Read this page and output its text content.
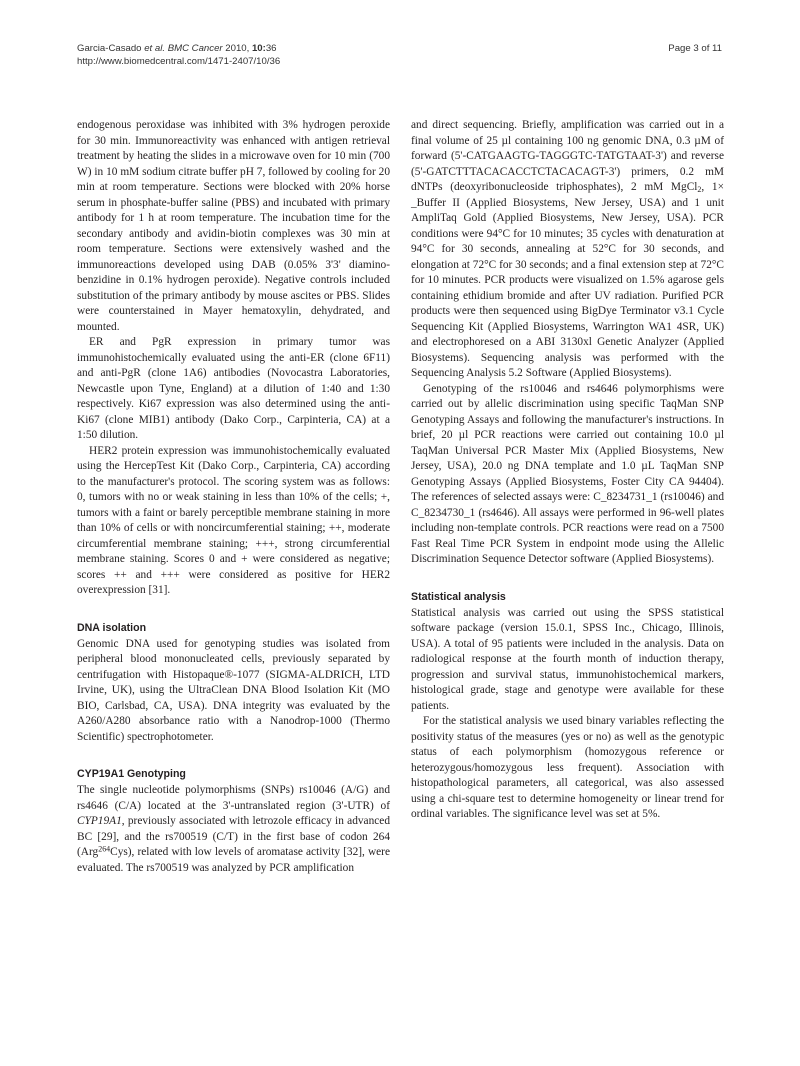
Garcia-Casado et al. BMC Cancer 2010, 10:36
http://www.biomedcentral.com/1471-2407/10/36
Page 3 of 11

endogenous peroxidase was inhibited with 3% hydrogen peroxide for 30 min. Immunoreactivity was enhanced with antigen retrieval treatment by heating the slides in a microwave oven for 10 min (700 W) in 10 mM sodium citrate buffer pH 7, followed by cooling for 20 min at room temperature. Sections were blocked with 20% horse serum in phosphate-buffer saline (PBS) and incubated with primary antibody for 1 h at room temperature. The incubation time for the secondary antibody and avidin-biotin complexes was 30 min at room temperature. Sections were extensively washed and the immunoreactions developed using DAB (0.05% 3'3' diamino-benzidine in 0.1% hydrogen peroxide). Negative controls included substitution of the primary antibody by mouse ascites or PBS. Slides were counterstained in Mayer hematoxylin, dehydrated, and mounted.

ER and PgR expression in primary tumor was immunohistochemically evaluated using the anti-ER (clone 6F11) and anti-PgR (clone 1A6) antibodies (Novocastra Laboratories, Newcastle upon Tyne, England) at a dilution of 1:40 and 1:30 respectively. Ki67 expression was also determined using the anti-Ki67 (clone MIB1) antibody (Dako Corp., Carpinteria, CA) at a 1:50 dilution.

HER2 protein expression was immunohistochemically evaluated using the HercepTest Kit (Dako Corp., Carpinteria, CA) according to the manufacturer's protocol. The scoring system was as follows: 0, tumors with no or weak staining in less than 10% of the cells; +, tumors with a faint or barely perceptible membrane staining in more than 10% of cells or with noncircumferential staining; ++, moderate circumferential membrane staining; +++, strong circumferential membrane staining. Scores 0 and + were considered as negative; scores ++ and +++ were considered as positive for HER2 overexpression [31].

DNA isolation

Genomic DNA used for genotyping studies was isolated from peripheral blood mononucleated cells, previously separated by centrifugation with Histopaque®-1077 (SIGMA-ALDRICH, LTD Irvine, UK), using the UltraClean DNA Blood Isolation Kit (MO BIO, Carlsbad, CA, USA). DNA integrity was evaluated by the A260/A280 absorbance ratio with a Nanodrop-1000 (Thermo Scientific) spectrophotometer.

CYP19A1 Genotyping

The single nucleotide polymorphisms (SNPs) rs10046 (A/G) and rs4646 (C/A) located at the 3'-untranslated region (3'-UTR) of CYP19A1, previously associated with letrozole efficacy in advanced BC [29], and the rs700519 (C/T) in the first base of codon 264 (Arg$^{264}$Cys), related with low levels of aromatase activity [32], were evaluated. The rs700519 was analyzed by PCR amplification

and direct sequencing. Briefly, amplification was carried out in a final volume of 25 µl containing 100 ng genomic DNA, 0.3 µM of forward (5'-CATGAAGTG-TAGGGTC-TATGTAAT-3') and reverse (5'-GATCTTTACACACCTCTACACAGT-3') primers, 0.2 mM dNTPs (deoxyribonucleoside triphosphates), 2 mM MgCl$_2$, 1× _Buffer II (Applied Biosystems, New Jersey, USA) and 1 unit AmpliTaq Gold (Applied Biosystems, New Jersey, USA). PCR conditions were 94°C for 10 minutes; 35 cycles with denaturation at 94°C for 30 seconds, annealing at 52°C for 30 seconds, and elongation at 72°C for 30 seconds; and a final extension step at 72°C for 10 minutes. PCR products were visualized on 1.5% agarose gels containing ethidium bromide and after UV radiation. Purified PCR products were then sequenced using BigDye Terminator v3.1 Cycle Sequencing Kit (Applied Biosystems, Warrington WA1 4SR, UK) and electrophoresed on a ABI 3130xl Genetic Analyzer (Applied Biosystems). Sequencing analysis was performed with the Sequencing Analysis 5.2 Software (Applied Biosystems).

Genotyping of the rs10046 and rs4646 polymorphisms were carried out by allelic discrimination using specific TaqMan SNP Genotyping Assays and following the manufacturer's instructions. In brief, 20 µl PCR reactions were carried out containing 10.0 µl TaqMan Universal PCR Master Mix (Applied Biosystems, New Jersey, USA), 20.0 ng DNA template and 1.0 µL TaqMan SNP Genotyping Assays (Applied Biosystems, Foster City CA 94404). The references of selected assays were: C_8234731_1 (rs10046) and C_8234730_1 (rs4646). All assays were performed in 96-well plates including non-template controls. PCR reactions were read on a 7500 Fast Real Time PCR System in endpoint mode using the Allelic Discrimination Sequence Detector software (Applied Biosystems).

Statistical analysis

Statistical analysis was carried out using the SPSS statistical software package (version 15.0.1, SPSS Inc., Chicago, Illinois, USA). A total of 95 patients were included in the analysis. Data on radiological response at the fourth month of induction therapy, progression and survival status, immunohistochemical markers, histological grade, stage and genotype were available for these patients.

For the statistical analysis we used binary variables reflecting the positivity status of the measures (yes or no) as well as the genotypic status of each polymorphism (homozygous reference or heterozygous/homozygous less frequent). Association with histopathological parameters, all categorical, was also assessed using a chi-square test to determine homogeneity or linear trend for ordinal variables. The significance level was set at 5%.
